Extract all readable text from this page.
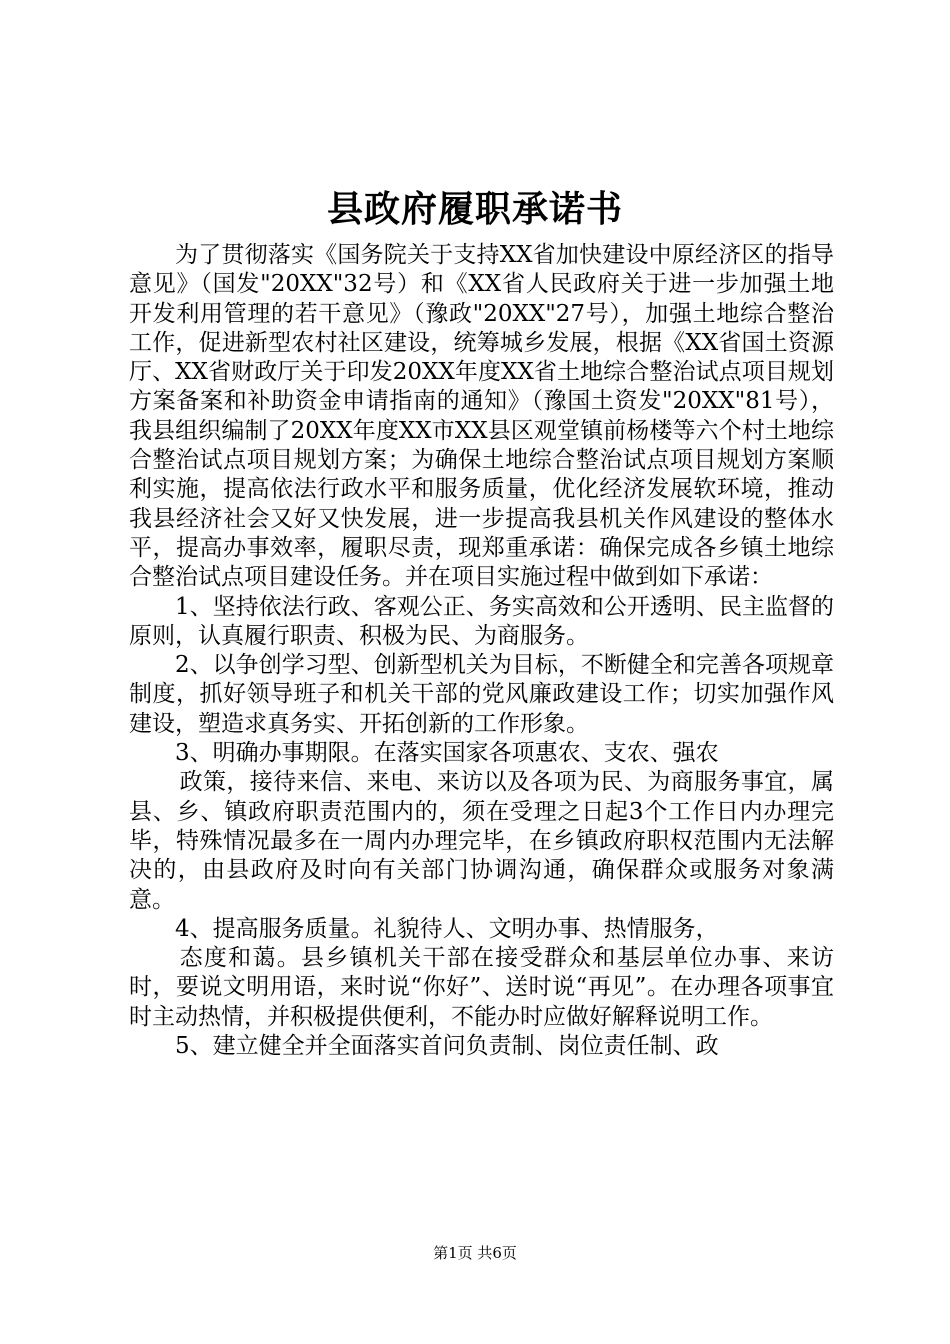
县政府履职承诺书

为了贯彻落实《国务院关于支持XX省加快建设中原经济区的指导意见》（国发"20XX"32号）和《XX省人民政府关于进一步加强土地开发利用管理的若干意见》（豫政"20XX"27号），加强土地综合整治工作，促进新型农村社区建设，统筹城乡发展，根据《XX省国土资源厅、XX省财政厅关于印发20XX年度XX省土地综合整治试点项目规划方案备案和补助资金申请指南的通知》（豫国土资发"20XX"81号），我县组织编制了20XX年度XX市XX县区观堂镇前杨楼等六个村土地综合整治试点项目规划方案；为确保土地综合整治试点项目规划方案顺利实施，提高依法行政水平和服务质量，优化经济发展软环境，推动我县经济社会又好又快发展，进一步提高我县机关作风建设的整体水平，提高办事效率，履职尽责，现郑重承诺：确保完成各乡镇土地综合整治试点项目建设任务。并在项目实施过程中做到如下承诺：

1、坚持依法行政、客观公正、务实高效和公开透明、民主监督的原则，认真履行职责、积极为民、为商服务。

2、以争创学习型、创新型机关为目标，不断健全和完善各项规章制度，抓好领导班子和机关干部的党风廉政建设工作；切实加强作风建设，塑造求真务实、开拓创新的工作形象。

3、明确办事期限。在落实国家各项惠农、支农、强农

政策，接待来信、来电、来访以及各项为民、为商服务事宜，属县、乡、镇政府职责范围内的，须在受理之日起3个工作日内办理完毕，特殊情况最多在一周内办理完毕，在乡镇政府职权范围内无法解决的，由县政府及时向有关部门协调沟通，确保群众或服务对象满意。

4、提高服务质量。礼貌待人、文明办事、热情服务，

态度和蔼。县乡镇机关干部在接受群众和基层单位办事、来访时，要说文明用语，来时说“你好”、送时说“再见”。在办理各项事宜时主动热情，并积极提供便利，不能办时应做好解释说明工作。

5、建立健全并全面落实首问负责制、岗位责任制、政

第1页 共6页
